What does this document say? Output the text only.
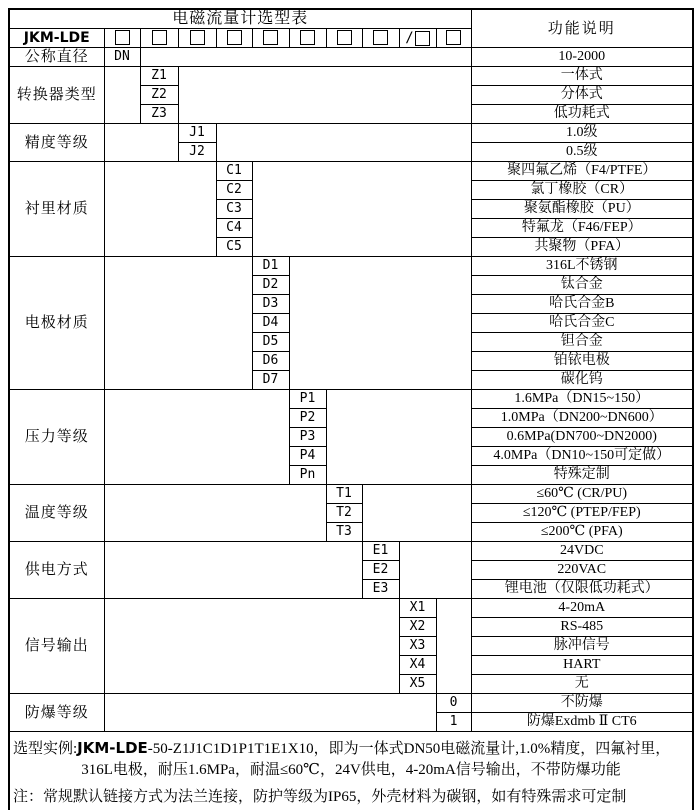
电磁流量计选型表											功能说明
JKM-LDE									/		
公称直径	DN										10-2000
转换器类型		Z1									一体式
		Z2									分体式
		Z3									低功耗式
精度等级			J1								1.0级
			J2								0.5级
衬里材质				C1							聚四氟乙烯（F4/PTFE）
				C2							氯丁橡胶（CR）
				C3							聚氨酯橡胶（PU）
				C4							特氟龙（F46/FEP）
				C5							共聚物（PFA）
电极材质					D1						316L不锈钢
					D2						钛合金
					D3						哈氏合金B
					D4						哈氏合金C
					D5						钽合金
					D6						铂铱电极
					D7						碳化钨
压力等级						P1					1.6MPa（DN15~150）
						P2					1.0MPa（DN200~DN600）
						P3					0.6MPa(DN700~DN2000)
						P4					4.0MPa（DN10~150可定做）
						Pn					特殊定制
温度等级							T1				≤60℃ (CR/PU)
							T2				≤120℃ (PTEP/FEP)
							T3				≤200℃ (PFA)
供电方式								E1			24VDC
								E2			220VAC
								E3			锂电池（仅限低功耗式）
信号输出									X1		4-20mA
									X2		RS-485
									X3		脉冲信号
									X4		HART
									X5		无
防爆等级										0	不防爆
										1	防爆Exdmb Ⅱ CT6

选型实例:JKM-LDE-50-Z1J1C1D1P1T1E1X10，即为一体式DN50电磁流量计,1.0%精度，四氟衬里，
316L电极，耐压1.6MPa，耐温≤60℃，24V供电，4-20mA信号输出，不带防爆功能
注：常规默认链接方式为法兰连接，防护等级为IP65，外壳材料为碳钢，如有特殊需求可定制											
